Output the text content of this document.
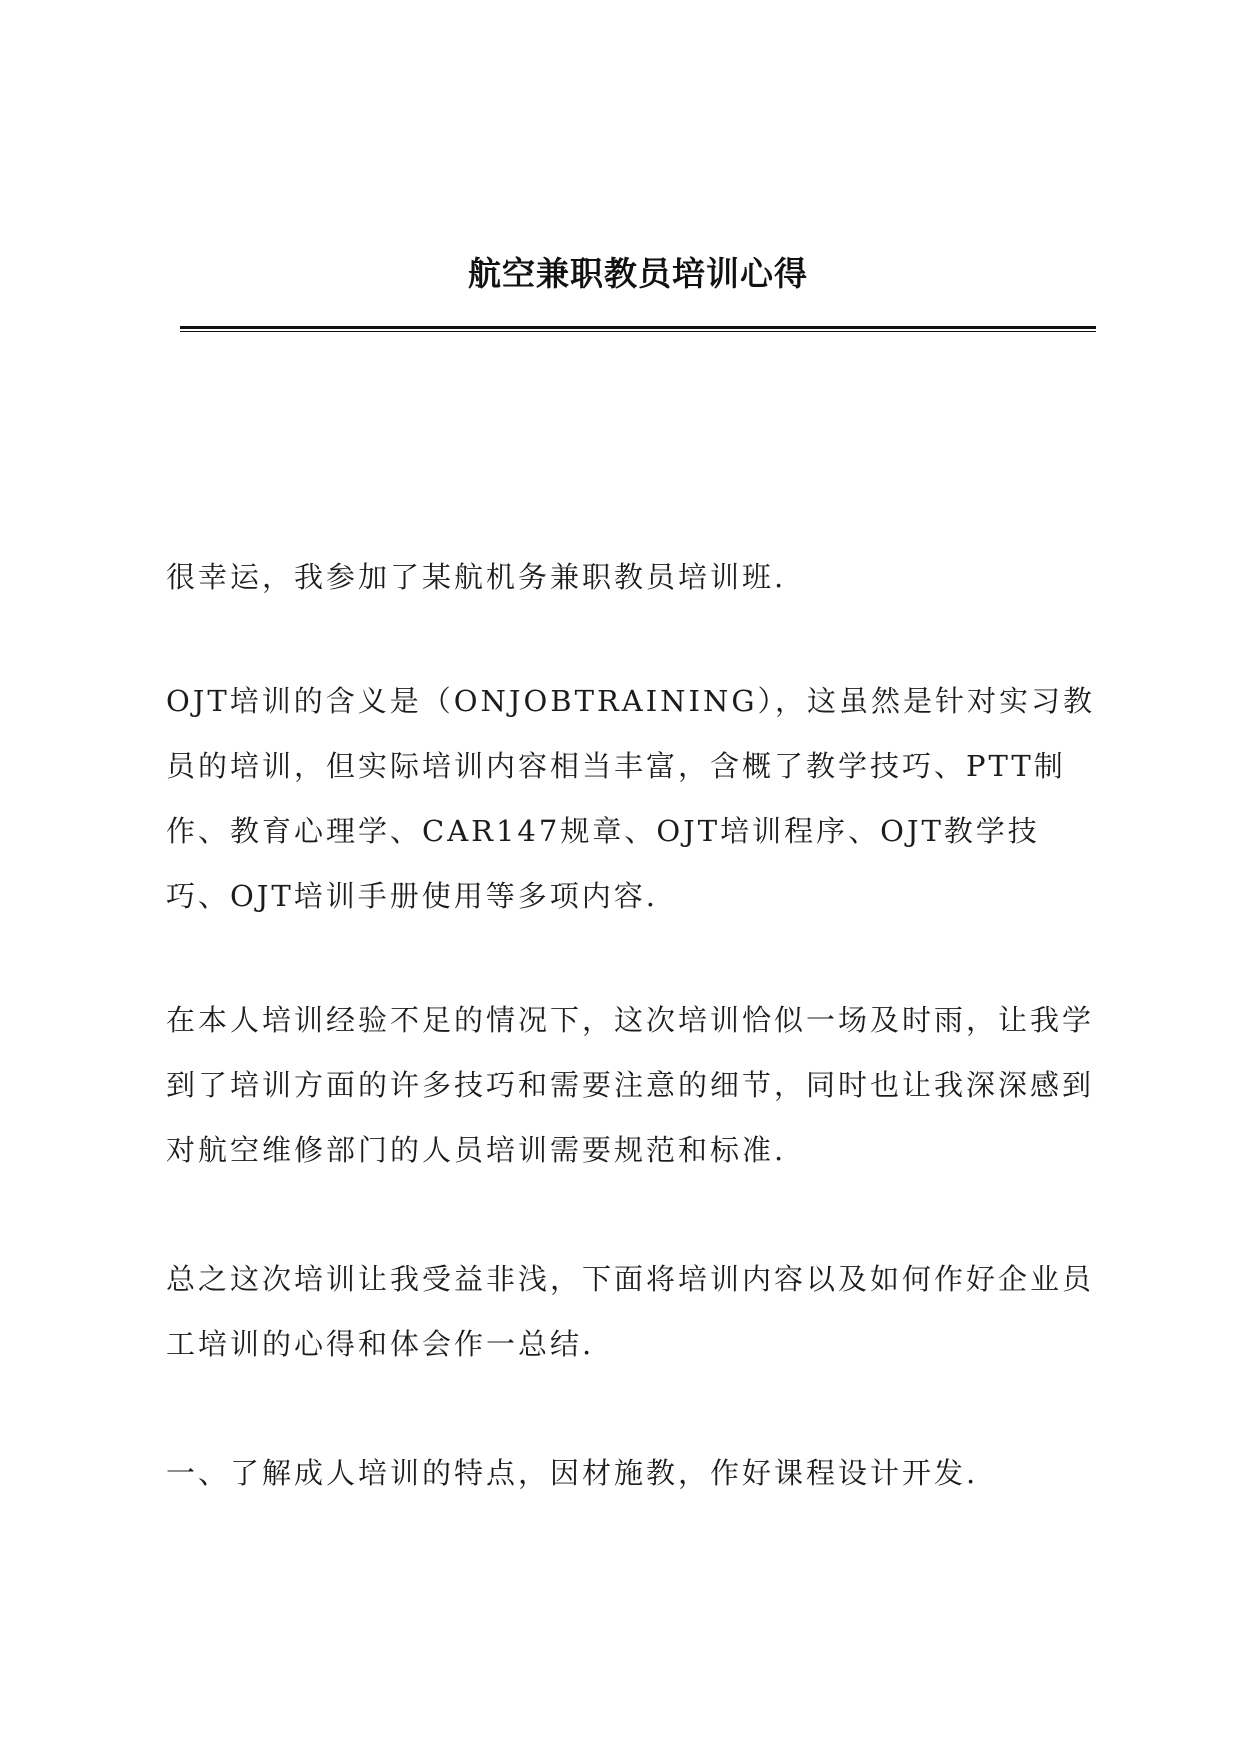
航空兼职教员培训心得

很幸运，我参加了某航机务兼职教员培训班.

OJT培训的含义是（ONJOBTRAINING），这虽然是针对实习教员的培训，但实际培训内容相当丰富，含概了教学技巧、PTT制作、教育心理学、CAR147规章、OJT培训程序、OJT教学技巧、OJT培训手册使用等多项内容.

在本人培训经验不足的情况下，这次培训恰似一场及时雨，让我学到了培训方面的许多技巧和需要注意的细节，同时也让我深深感到对航空维修部门的人员培训需要规范和标准.

总之这次培训让我受益非浅，下面将培训内容以及如何作好企业员工培训的心得和体会作一总结.

一、了解成人培训的特点，因材施教，作好课程设计开发.
